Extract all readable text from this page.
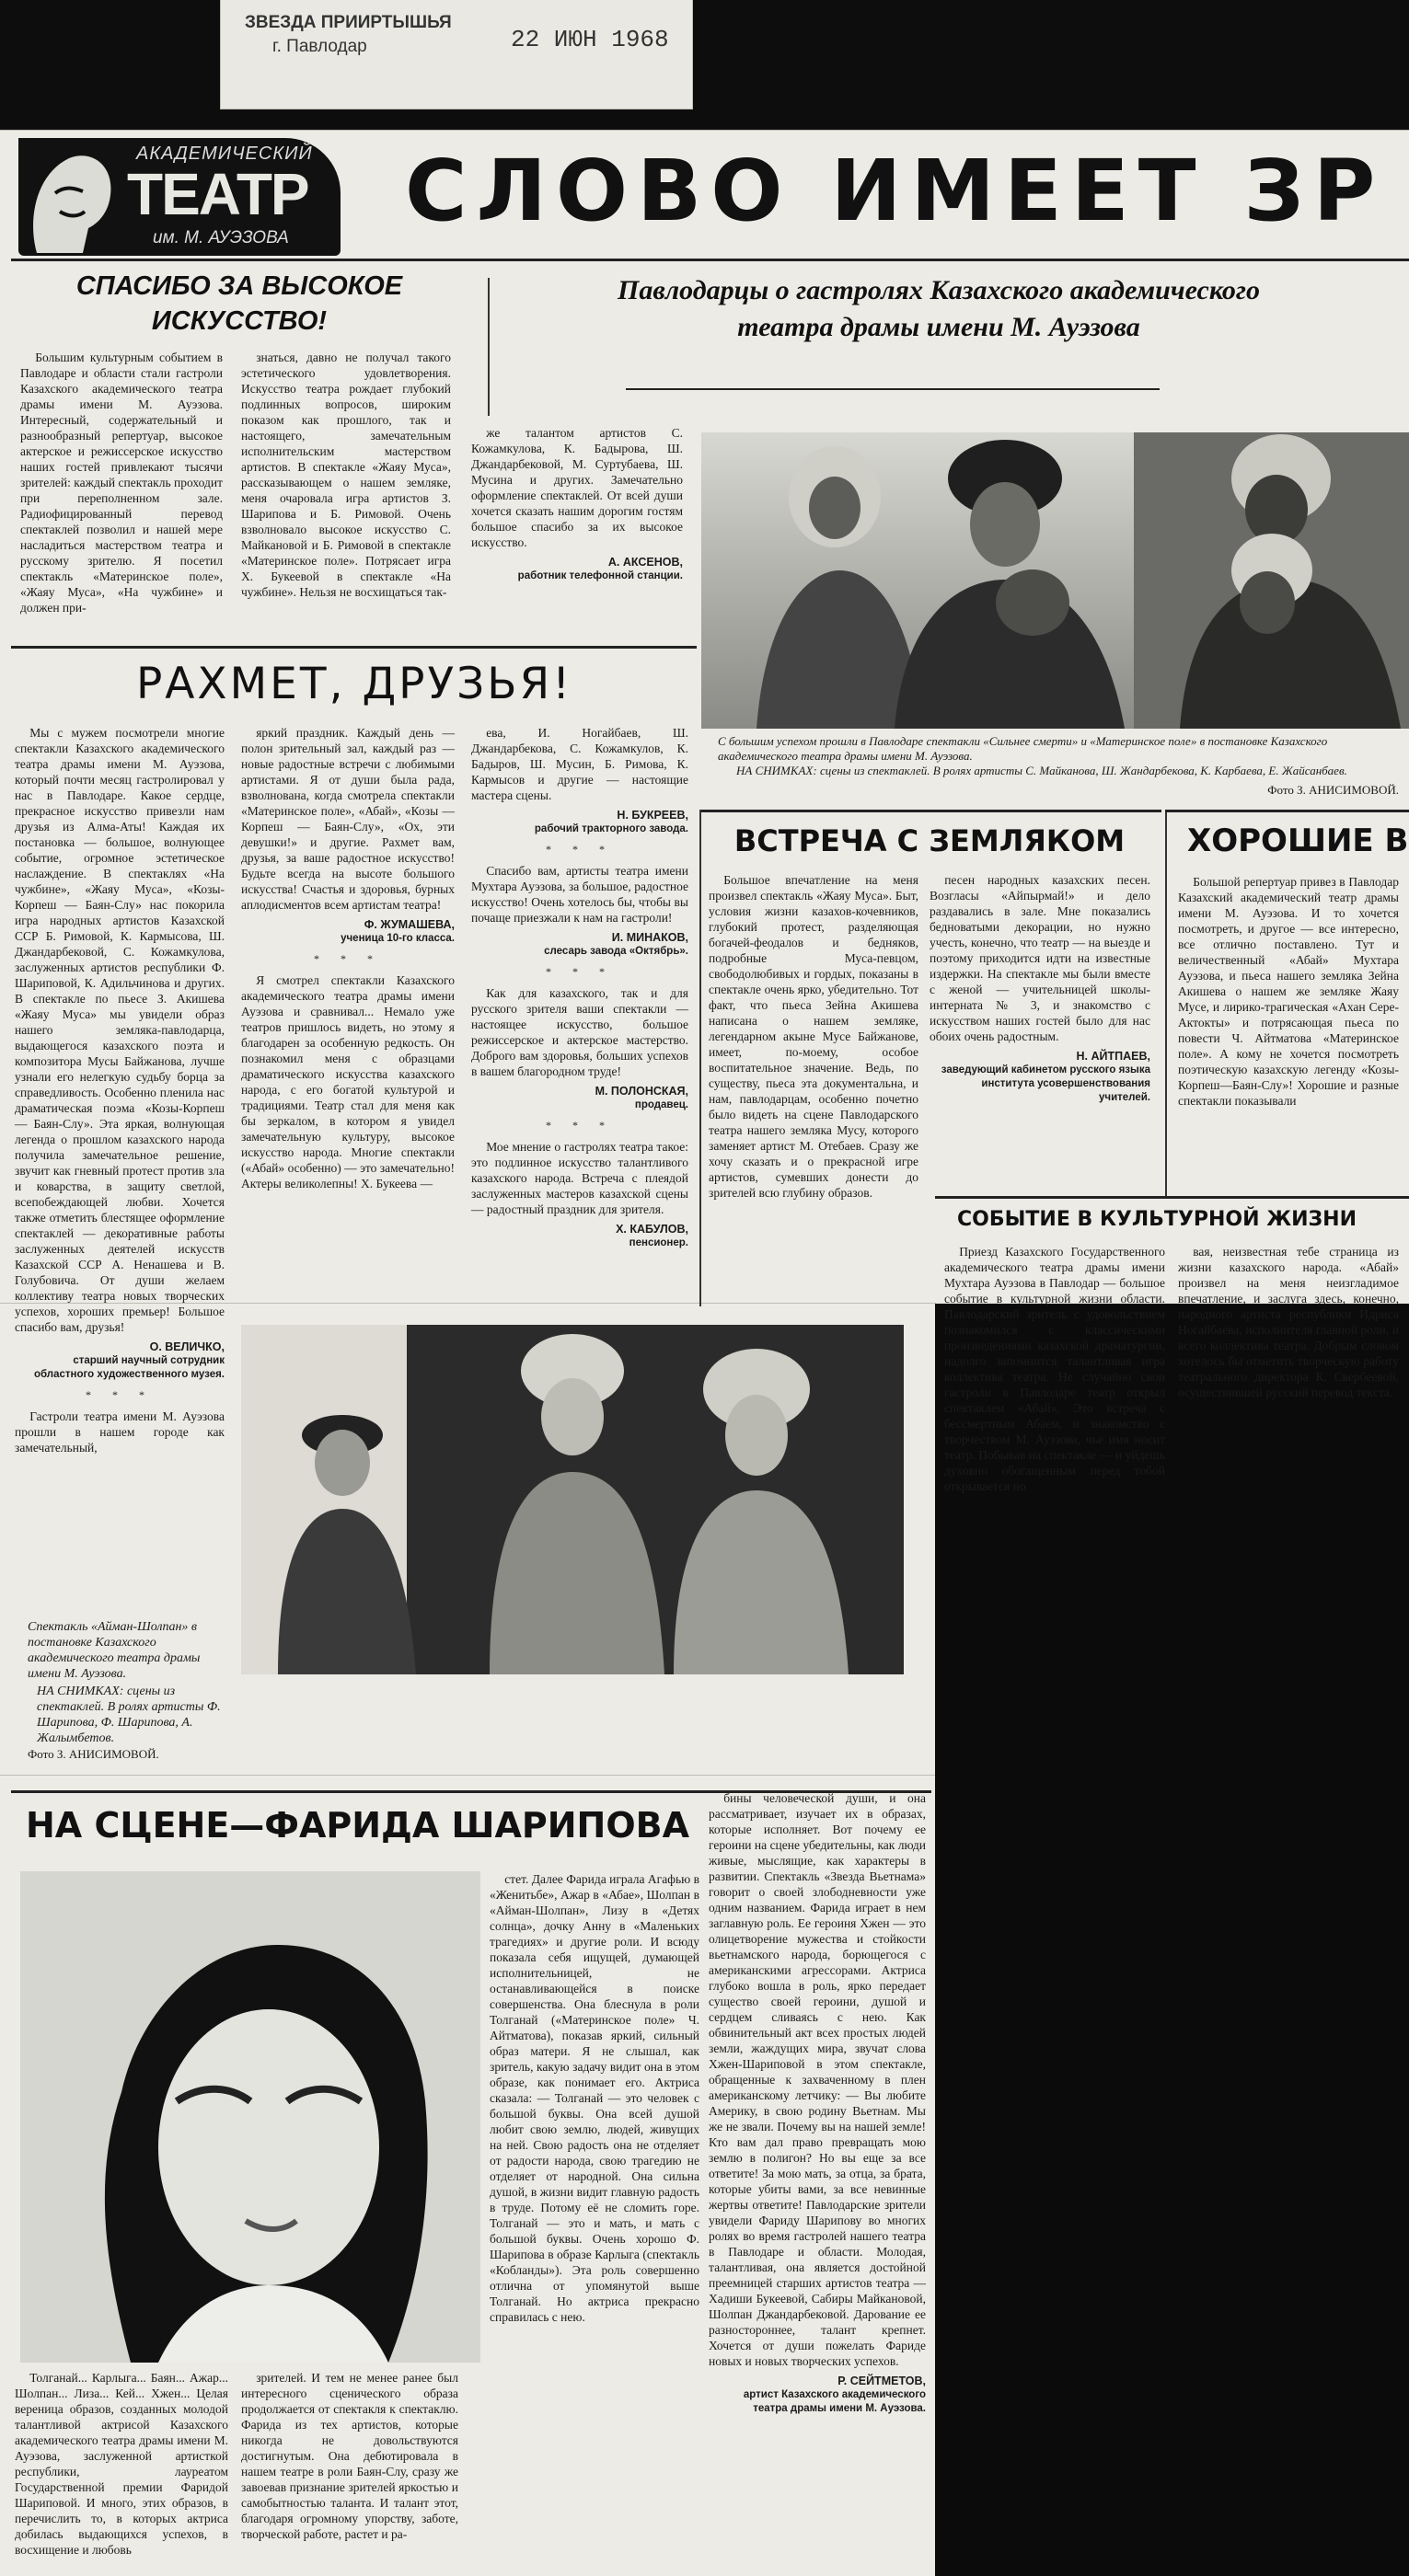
ЗВЕЗДА ПРИИРТЫШЬЯ
г. Павлодар	22 ИЮН 1968
АКАДЕМИЧЕСКИЙ
ТЕАТР
им. М. АУЭЗОВА СЛОВО ИМЕЕТ ЗР
СПАСИБО ЗА ВЫСОКОЕ ИСКУССТВО!

Большим культурным событием в Павлодаре и области стали гастроли Казахского академического театра драмы имени М. Ауэзова. Интересный, содержательный и разнообразный репертуар, высокое актерское и режиссерское искусство наших гостей привлекают тысячи зрителей: каждый спектакль проходит при переполненном зале. Радиофицированный перевод спектаклей позволил и нашей мере насладиться мастерством театра и русскому зрителю. Я посетил спектакль «Материнское поле», «Жаяу Муса», «На чужбине» и должен при-

знаться, давно не получал такого эстетического удовлетворения. Искусство театра рождает глубокий подлинных вопросов, широким показом как прошлого, так и настоящего, замечательным исполнительским мастерством артистов. В спектакле «Жаяу Муса», рассказывающем о нашем земляке, меня очаровала игра артистов З. Шарипова и Б. Римовой. Очень взволновало высокое искусство С. Майкановой и Б. Римовой в спектакле «Материнское поле». Потрясает игра Х. Букеевой в спектакле «На чужбине». Нельзя не восхищаться так-

же талантом артистов С. Кожамкулова, К. Бадырова, Ш. Джандарбековой, М. Суртубаева, Ш. Мусина и других. Замечательно оформление спектаклей. От всей души хочется сказать нашим дорогим гостям большое спасибо за их высокое искусство.

А. АКСЕНОВ,
работник телефонной станции.
Павлодарцы о гастролях Казахского академического театра драмы имени М. Ауэзова
С большим успехом прошли в Павлодаре спектакли «Сильнее смерти» и «Материнское поле» в постановке Казахского академического театра драмы имени М. Ауэзова.
НА СНИМКАХ: сцены из спектаклей. В ролях артисты С. Майканова, Ш. Жандарбекова, К. Карбаева, Е. Жайсанбаев.
Фото З. АНИСИМОВОЙ.
РАХМЕТ, ДРУЗЬЯ!

Мы с мужем посмотрели многие спектакли Казахского академического театра драмы имени М. Ауэзова, который почти месяц гастролировал у нас в Павлодаре. Какое сердце, прекрасное искусство привезли нам друзья из Алма-Аты! Каждая их постановка — большое, волнующее событие, огромное эстетическое наслаждение. В спектаклях «На чужбине», «Жаяу Муса», «Козы-Корпеш — Баян-Слу» нас покорила игра народных артистов Казахской ССР Б. Римовой, К. Кармысова, Ш. Джандарбековой, С. Кожамкулова, заслуженных артистов республики Ф. Шариповой, К. Адильчинова и других. В спектакле по пьесе З. Акишева «Жаяу Муса» мы увидели образ нашего земляка-павлодарца, выдающегося казахского поэта и композитора Мусы Байжанова, лучше узнали его нелегкую судьбу борца за справедливость. Особенно пленила нас драматическая поэма «Козы-Корпеш — Баян-Слу». Эта яркая, волнующая легенда о прошлом казахского народа получила замечательное решение, звучит как гневный протест против зла и коварства, в защиту светлой, всепобеждающей любви. Хочется также отметить блестящее оформление спектаклей — декоративные работы заслуженных деятелей искусств Казахской ССР А. Ненашева и В. Голубовича. От души желаем коллективу театра новых творческих успехов, хороших премьер! Большое спасибо вам, друзья!

О. ВЕЛИЧКО,
старший научный сотрудник областного художественного музея.
* * *

Гастроли театра имени М. Ауэзова прошли в нашем городе как замечательный,

яркий праздник. Каждый день — полон зрительный зал, каждый раз — новые радостные встречи с любимыми артистами. Я от души была рада, взволнована, когда смотрела спектакли «Материнское поле», «Абай», «Козы — Корпеш — Баян-Слу», «Ох, эти девушки!» и другие. Рахмет вам, друзья, за ваше радостное искусство! Будьте всегда на высоте большого искусства! Счастья и здоровья, бурных аплодисментов всем артистам театра!

Ф. ЖУМАШЕВА,
ученица 10-го класса.
* * *

Я смотрел спектакли Казахского академического театра драмы имени Ауэзова и сравнивал... Немало уже театров пришлось видеть, но этому я благодарен за особенную редкость. Он познакомил меня с образцами драматического искусства казахского народа, с его богатой культурой и традициями. Театр стал для меня как бы зеркалом, в котором я увидел замечательную культуру, высокое искусство народа. Многие спектакли («Абай» особенно) — это замечательно! Актеры великолепны! Х. Букеева —

ева, И. Ногайбаев, Ш. Джандарбекова, С. Кожамкулов, К. Бадыров, Ш. Мусин, Б. Римова, К. Кармысов и другие — настоящие мастера сцены.

Н. БУКРЕЕВ,
рабочий тракторного завода.
* * *

Спасибо вам, артисты театра имени Мухтара Ауэзова, за большое, радостное искусство! Очень хотелось бы, чтобы вы почаще приезжали к нам на гастроли!

И. МИНАКОВ,
слесарь завода «Октябрь».
* * *

Как для казахского, так и для русского зрителя ваши спектакли — настоящее искусство, большое режиссерское и актерское мастерство. Доброго вам здоровья, больших успехов в вашем благородном труде!

М. ПОЛОНСКАЯ,
продавец.
* * *

Мое мнение о гастролях театра такое: это подлинное искусство талантливого казахского народа. Встреча с плеядой заслуженных мастеров казахской сцены — радостный праздник для зрителя.

Х. КАБУЛОВ,
пенсионер.
ВСТРЕЧА С ЗЕМЛЯКОМ

Большое впечатление на меня произвел спектакль «Жаяу Муса». Быт, условия жизни казахов-кочевников, глубокий протест, разделяющая богачей-феодалов и бедняков, подробные Муса-певцом, свободолюбивых и гордых, показаны в спектакле очень ярко, убедительно. Тот факт, что пьеса Зейна Акишева написана о нашем земляке, легендарном акыне Мусе Байжанове, имеет, по-моему, особое воспитательное значение. Ведь, по существу, пьеса эта документальна, и нам, павлодарцам, особенно почетно было видеть на сцене Павлодарского театра нашего земляка Мусу, которого заменяет артист М. Отебаев. Сразу же хочу сказать и о прекрасной игре артистов, сумевших донести до зрителей всю глубину образов.

песен народных казахских песен. Возгласы «Айпырмай!» и дело раздавались в зале. Мне показались бедноватыми декорации, но нужно учесть, конечно, что театр — на выезде и поэтому приходится идти на известные издержки. На спектакле мы были вместе с женой — учительницей школы-интерната № 3, и знакомство с искусством наших гостей было для нас обоих очень радостным.

Н. АЙТПАЕВ,
заведующий кабинетом русского языка института усовершенствования учителей.
ХОРОШИЕ В

Большой репертуар привез в Павлодар Казахский академический театр драмы имени М. Ауэзова. И то хочется посмотреть, и другое — все интересно, все отлично поставлено. Тут и величественный «Абай» Мухтара Ауэзова, и пьеса нашего земляка Зейна Акишева о нашем же земляке Жаяу Мусе, и лирико-трагическая «Ахан Сере-Актокты» и потрясающая пьеса по повести Ч. Айтматова «Материнское поле». А кому не хочется посмотреть поэтическую казахскую легенду «Козы-Корпеш—Баян-Слу»! Хорошие и разные спектакли показывали

СОБЫТИЕ В КУЛЬТУРНОЙ ЖИЗНИ

Приезд Казахского Государственного академического театра драмы имени Мухтара Ауэзова в Павлодар — большое событие в культурной жизни области. Павлодарский зритель с удовольствием познакомился с классическими произведениями казахской драматургии, надолго запомнится талантливая игра коллектива театра. Не случайно свои гастроли в Павлодаре театр открыл спектаклем «Абай». Это встреча с бессмертным Абаем, и знакомство с творчеством М. Ауэзова, чье имя носит театр. Побывав на спектакле — и уйдешь духовно обогащенным перед тобой открывается но

вая, неизвестная тебе страница из жизни казахского народа. «Абай» произвел на меня неизгладимое впечатление, и заслуга здесь, конечно, народного артиста республики Идриса Ногайбаева, исполнителя главной роли, и всего коллектива театра. Добрым словом хотелось бы отметить творческую работу театрального директора К. Свербеевой, осуществившей русский перевод текста.

Спектакль «Айман-Шолпан» в постановке Казахского академического театра драмы имени М. Ауэзова.
НА СНИМКАХ: сцены из спектаклей. В ролях артисты Ф. Шарипова, Ф. Шарипова, А. Жалымбетов.
Фото З. АНИСИМОВОЙ.
НА СЦЕНЕ—ФАРИДА ШАРИПОВА

Толганай... Карлыга... Баян... Ажар... Шолпан... Лиза... Кей... Хжен... Целая вереница образов, созданных молодой талантливой актрисой Казахского академического театра драмы имени М. Ауэзова, заслуженной артисткой республики, лауреатом Государственной премии Фаридой Шариповой. И много, этих образов, в перечислить то, в которых актриса добилась выдающихся успехов, в восхищение и любовь

зрителей. И тем не менее ранее был интересного сценического образа продолжается от спектакля к спектаклю. Фарида из тех артистов, которые никогда не довольствуются достигнутым. Она дебютировала в нашем театре в роли Баян-Слу, сразу же завоевав признание зрителей яркостью и самобытностью таланта. И талант этот, благодаря огромному упорству, заботе, творческой работе, растет и ра-

стет. Далее Фарида играла Агафью в «Женитьбе», Ажар в «Абае», Шолпан в «Айман-Шолпан», Лизу в «Детях солнца», дочку Анну в «Маленьких трагедиях» и другие роли. И всюду показала себя ищущей, думающей исполнительницей, не останавливающейся в поиске совершенства. Она блеснула в роли Толганай («Материнское поле» Ч. Айтматова), показав яркий, сильный образ матери. Я не слышал, как зритель, какую задачу видит она в этом образе, как понимает его. Актриса сказала: — Толганай — это человек с большой буквы. Она всей душой любит свою землю, людей, живущих на ней. Свою радость она не отделяет от радости народа, свою трагедию не отделяет от народной. Она сильна душой, в жизни видит главную радость в труде. Потому её не сломить горе. Толганай — это и мать, и мать с большой буквы. Очень хорошо Ф. Шарипова в образе Карлыга (спектакль «Кобланды»). Эта роль совершенно отлична от упомянутой выше Толганай. Но актриса прекрасно справилась с нею.

бины человеческой души, и она рассматривает, изучает их в образах, которые исполняет. Вот почему ее героини на сцене убедительны, как люди живые, мыслящие, как характеры в развитии. Спектакль «Звезда Вьетнама» говорит о своей злободневности уже одним названием. Фарида играет в нем заглавную роль. Ее героиня Хжен — это олицетворение мужества и стойкости вьетнамского народа, борющегося с американскими агрессорами. Актриса глубоко вошла в роль, ярко передает существо своей героини, душой и сердцем сливаясь с нею. Как обвинительный акт всех простых людей земли, жаждущих мира, звучат слова Хжен-Шариповой в этом спектакле, обращенные к захваченному в плен американскому летчику: — Вы любите Америку, в свою родину Вьетнам. Мы же не звали. Почему вы на нашей земле! Кто вам дал право превращать мою землю в полигон? Но вы еще за все ответите! За мою мать, за отца, за брата, которые убиты вами, за все невинные жертвы ответите! Павлодарские зрители увидели Фариду Шарипову во многих ролях во время гастролей нашего театра в Павлодаре и области. Молодая, талантливая, она является достойной преемницей старших артистов театра — Хадиши Букеевой, Сабиры Майкановой, Шолпан Джандарбековой. Дарование ее разностороннее, талант крепнет. Хочется от души пожелать Фариде новых и новых творческих успехов.

Р. СЕЙТМЕТОВ,
артист Казахского академического театра драмы имени М. Ауэзова.
